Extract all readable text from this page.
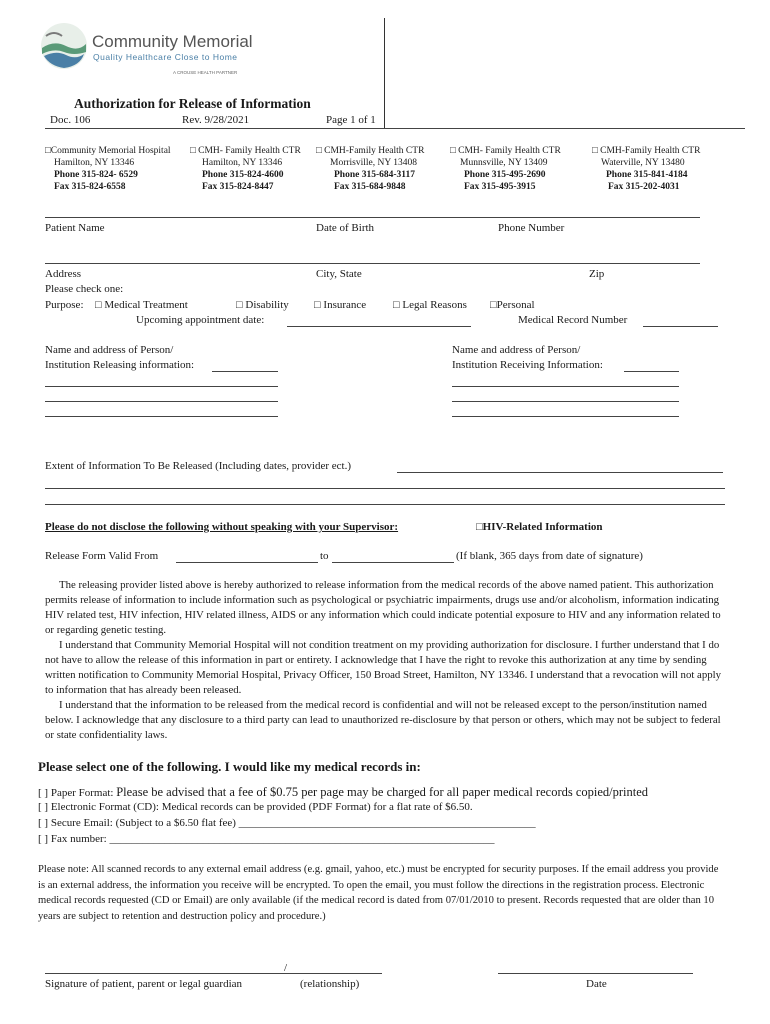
Community Memorial
Quality Healthcare Close to Home
A CROUSE HEALTH PARTNER
Authorization for Release of Information
Doc. 106	Rev. 9/28/2021	Page 1 of 1
□ Community Memorial Hospital
Hamilton, NY 13346
Phone 315-824- 6529
Fax 315-824-6558
□ CMH- Family Health CTR
Hamilton, NY 13346
Phone 315-824-4600
Fax 315-824-8447
□ CMH-Family Health CTR
Morrisville, NY 13408
Phone 315-684-3117
Fax 315-684-9848
□ CMH- Family Health CTR
Munnsville, NY 13409
Phone 315-495-2690
Fax 315-495-3915
□ CMH-Family Health CTR
Waterville, NY 13480
Phone 315-841-4184
Fax 315-202-4031
Patient Name	Date of Birth	Phone Number
Address	City, State	Zip
Please check one:
Purpose: □ Medical Treatment	□ Disability □ Insurance □ Legal Reasons □Personal
Upcoming appointment date:	Medical Record Number
Name and address of Person/
Institution Releasing information:
Name and address of Person/
Institution Receiving Information:
Extent of Information To Be Released (Including dates, provider ect.)
Please do not disclose the following without speaking with your Supervisor:	□HIV-Related Information
Release Form Valid From	to	(If blank, 365 days from date of signature)
The releasing provider listed above is hereby authorized to release information from the medical records of the above named patient. This authorization permits release of information to include information such as psychological or psychiatric impairments, drugs use and/or alcoholism, information indicating HIV related test, HIV infection, HIV related illness, AIDS or any information which could indicate potential exposure to HIV and any information related to or regarding genetic testing.
I understand that Community Memorial Hospital will not condition treatment on my providing authorization for disclosure. I further understand that I do not have to allow the release of this information in part or entirety. I acknowledge that I have the right to revoke this authorization at any time by sending written notification to Community Memorial Hospital, Privacy Officer, 150 Broad Street, Hamilton, NY 13346. I understand that a revocation will not apply to information that has already been released.
I understand that the information to be released from the medical record is confidential and will not be released except to the person/institution named below. I acknowledge that any disclosure to a third party can lead to unauthorized re-disclosure by that person or others, which may not be subject to federal or state confidentiality laws.
Please select one of the following. I would like my medical records in:
[ ] Paper Format: Please be advised that a fee of $0.75 per page may be charged for all paper medical records copied/printed
[ ] Electronic Format (CD): Medical records can be provided (PDF Format) for a flat rate of $6.50.
[ ] Secure Email: (Subject to a $6.50 flat fee) ______________________________________________________
[ ] Fax number: ______________________________________________________________________
Please note: All scanned records to any external email address (e.g. gmail, yahoo, etc.) must be encrypted for security purposes. If the email address you provide is an external address, the information you receive will be encrypted. To open the email, you must follow the directions in the registration process. Electronic medical records requested (CD or Email) are only available (if the medical record is dated from 07/01/2010 to present. Records requested that are older than 10 years are subject to retention and destruction policy and procedure.)
/
Signature of patient, parent or legal guardian	(relationship)	Date
